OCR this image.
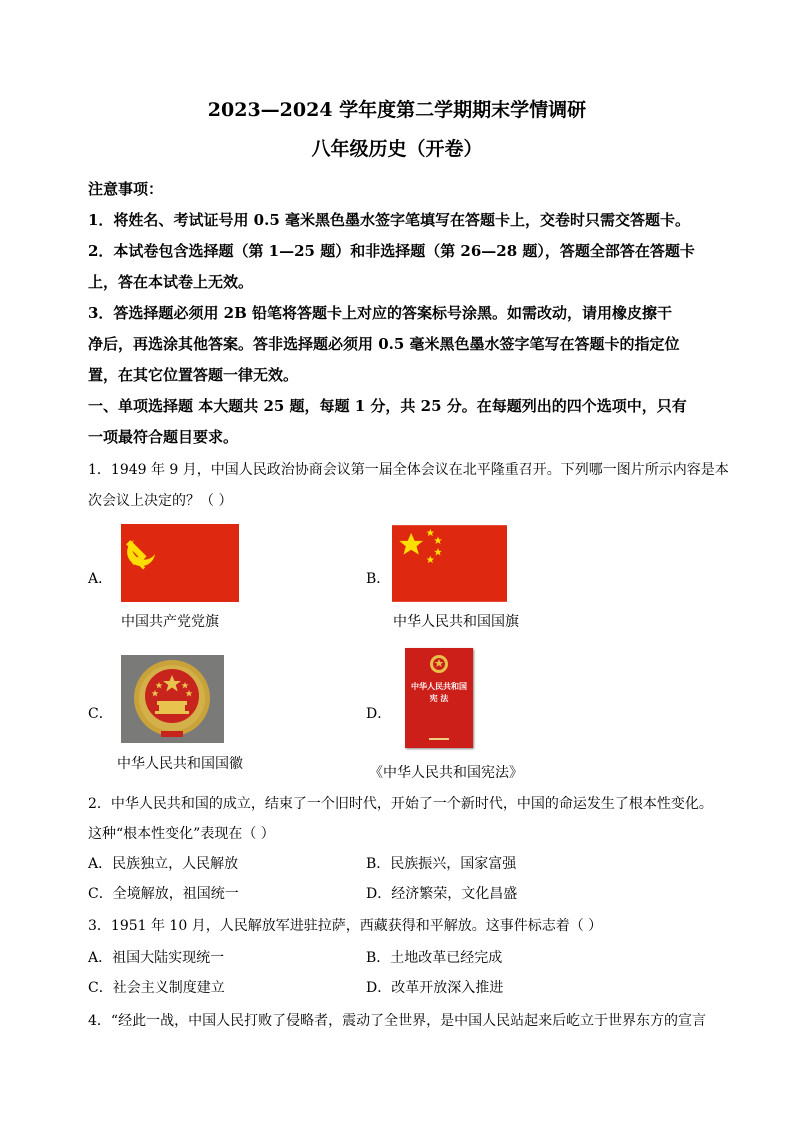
2023—2024 学年度第二学期期末学情调研
八年级历史（开卷）
注意事项：
1．将姓名、考试证号用 0.5 毫米黑色墨水签字笔填写在答题卡上，交卷时只需交答题卡。
2．本试卷包含选择题（第 1—25 题）和非选择题（第 26—28 题），答题全部答在答题卡
上，答在本试卷上无效。
3．答选择题必须用 2B 铅笔将答题卡上对应的答案标号涂黑。如需改动，请用橡皮擦干
净后，再选涂其他答案。答非选择题必须用 0.5 毫米黑色墨水签字笔写在答题卡的指定位
置，在其它位置答题一律无效。
一、单项选择题 本大题共 25 题，每题 1 分，共 25 分。在每题列出的四个选项中，只有
一项最符合题目要求。
1．1949 年 9 月，中国人民政治协商会议第一届全体会议在北平隆重召开。下列哪一图片所示内容是本
次会议上决定的？（ ）
A．
中国共产党党旗
B．
中华人民共和国国旗
C．
中华人民共和国国徽
D．
中华人民共和国
宪 法
《中华人民共和国宪法》
2．中华人民共和国的成立，结束了一个旧时代，开始了一个新时代，中国的命运发生了根本性变化。
这种“根本性变化”表现在（ ）
A．民族独立，人民解放	B．民族振兴，国家富强
C．全境解放，祖国统一	D．经济繁荣，文化昌盛
3．1951 年 10 月，人民解放军进驻拉萨，西藏获得和平解放。这事件标志着（ ）
A．祖国大陆实现统一	B．土地改革已经完成
C．社会主义制度建立	D．改革开放深入推进
4．“经此一战，中国人民打败了侵略者，震动了全世界，是中国人民站起来后屹立于世界东方的宣言
